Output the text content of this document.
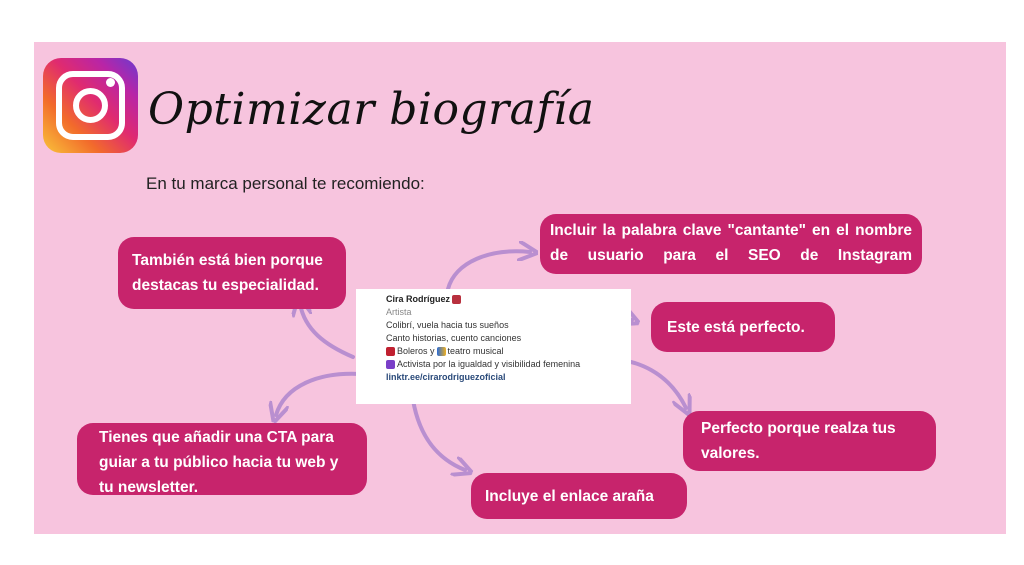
Optimizar biografía
En tu marca personal te recomiendo:
Cira Rodríguez
Artista
Colibrí, vuela hacia tus sueños
Canto historias, cuento canciones
Boleros y teatro musical
Activista por la igualdad y visibilidad femenina
linktr.ee/cirarodriguezoficial
También está bien porque destacas tu especialidad.
Incluir la palabra clave "cantante" en el nombre de usuario para el SEO de Instagram
Este está perfecto.
Perfecto porque realza tus valores.
Tienes que añadir una CTA para guiar a tu público hacia tu web y tu newsletter.	Incluye el enlace araña
